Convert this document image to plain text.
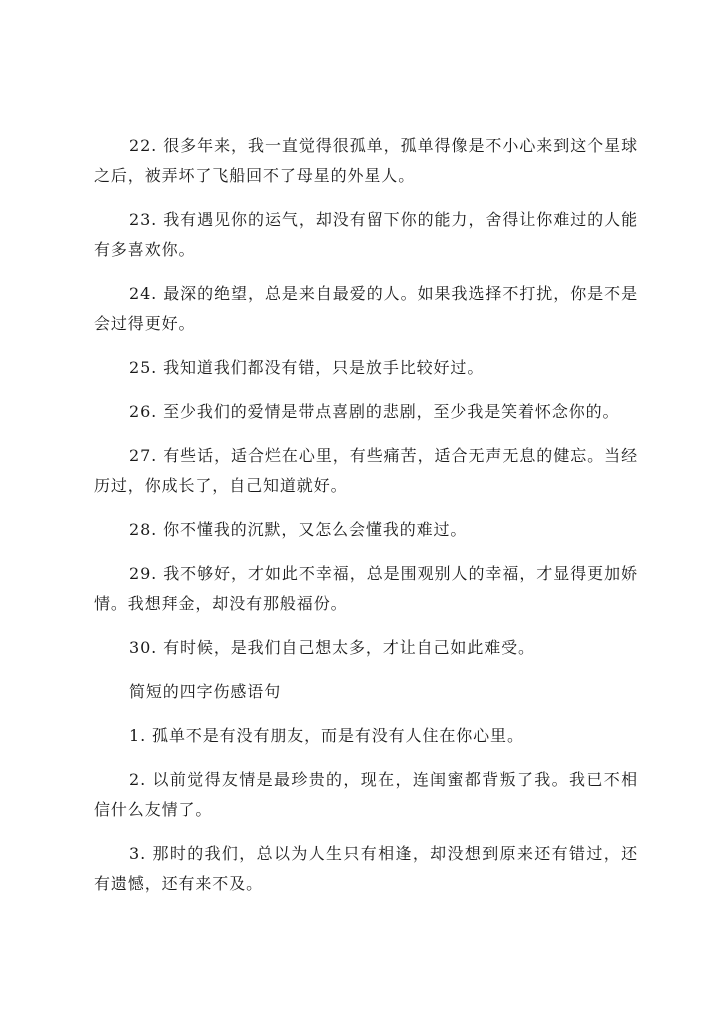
22. 很多年来，我一直觉得很孤单，孤单得像是不小心来到这个星球之后，被弄坏了飞船回不了母星的外星人。

23. 我有遇见你的运气，却没有留下你的能力，舍得让你难过的人能有多喜欢你。

24. 最深的绝望，总是来自最爱的人。如果我选择不打扰，你是不是会过得更好。

25. 我知道我们都没有错，只是放手比较好过。

26. 至少我们的爱情是带点喜剧的悲剧，至少我是笑着怀念你的。

27. 有些话，适合烂在心里，有些痛苦，适合无声无息的健忘。当经历过，你成长了，自己知道就好。

28. 你不懂我的沉默，又怎么会懂我的难过。

29. 我不够好，才如此不幸福，总是围观别人的幸福，才显得更加娇情。我想拜金，却没有那般福份。

30. 有时候，是我们自己想太多，才让自己如此难受。

简短的四字伤感语句

1. 孤单不是有没有朋友，而是有没有人住在你心里。

2. 以前觉得友情是最珍贵的，现在，连闺蜜都背叛了我。我已不相信什么友情了。

3. 那时的我们，总以为人生只有相逢，却没想到原来还有错过，还有遗憾，还有来不及。
